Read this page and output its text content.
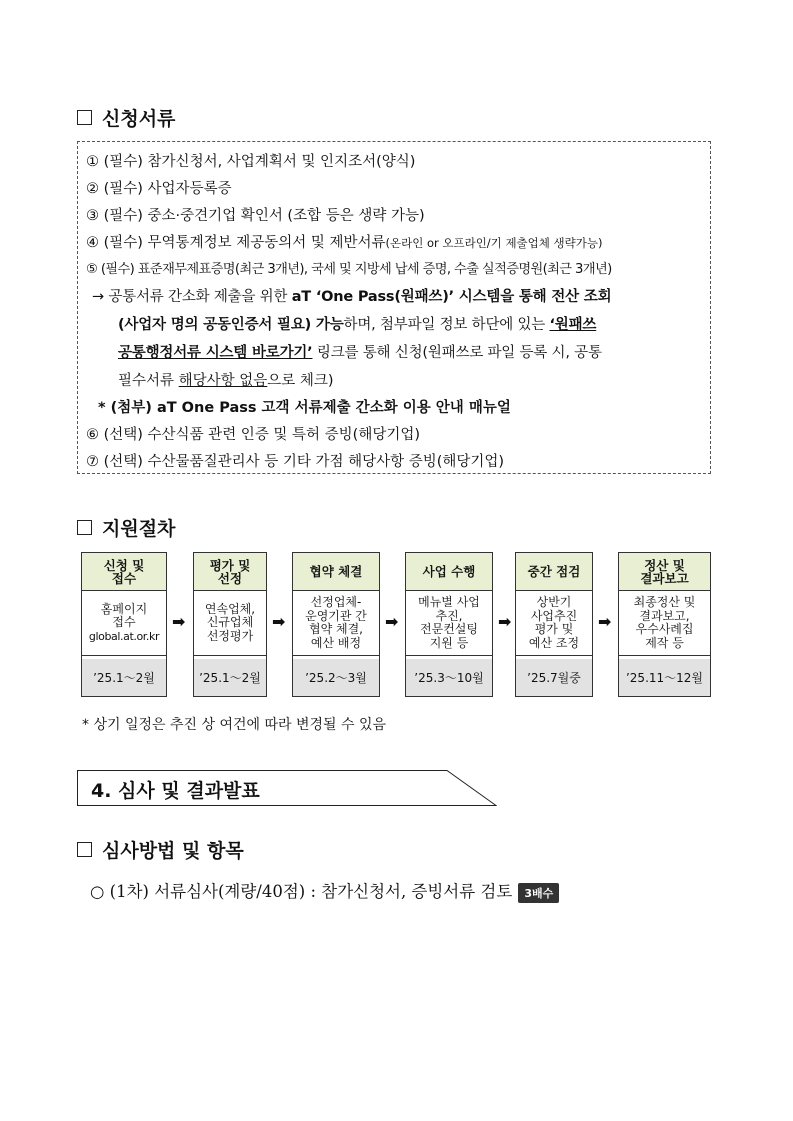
신청서류
① (필수) 참가신청서, 사업계획서 및 인지조서(양식)
② (필수) 사업자등록증
③ (필수) 중소·중견기업 확인서 (조합 등은 생략 가능)
④ (필수) 무역통계정보 제공동의서 및 제반서류(온라인 or 오프라인/기 제출업체 생략가능)
⑤ (필수) 표준재무제표증명(최근 3개년), 국세 및 지방세 납세 증명, 수출 실적증명원(최근 3개년)
→ 공통서류 간소화 제출을 위한 aT ‘One Pass(원패쓰)’ 시스템을 통해 전산 조회
(사업자 명의 공동인증서 필요) 가능하며, 첨부파일 정보 하단에 있는 ‘원패쓰
공통행정서류 시스템 바로가기’ 링크를 통해 신청(원패쓰로 파일 등록 시, 공통
필수서류 해당사항 없음으로 체크)
* (첨부) aT One Pass 고객 서류제출 간소화 이용 안내 매뉴얼
⑥ (선택) 수산식품 관련 인증 및 특허 증빙(해당기업)
⑦ (선택) 수산물품질관리사 등 기타 가점 해당사항 증빙(해당기업)
지원절차
신청 및
접수
홈페이지
접수
global.at.or.kr
’25.1～2월
➡
평가 및
선정
연속업체,
신규업체
선정평가
’25.1～2월
➡
협약 체결
선정업체-
운영기관 간
협약 체결,
예산 배정
’25.2～3월
➡
사업 수행
메뉴별 사업
추진,
전문컨설팅
지원 등
’25.3～10월
➡
중간 점검
상반기
사업추진
평가 및
예산 조정
’25.7월중
➡
정산 및
결과보고
최종정산 및
결과보고,
우수사례집
제작 등
’25.11～12월
* 상기 일정은 추진 상 여건에 따라 변경될 수 있음
4. 심사 및 결과발표
심사방법 및 항목
○ (1차) 서류심사(계량/40점) : 참가신청서, 증빙서류 검토 3배수
